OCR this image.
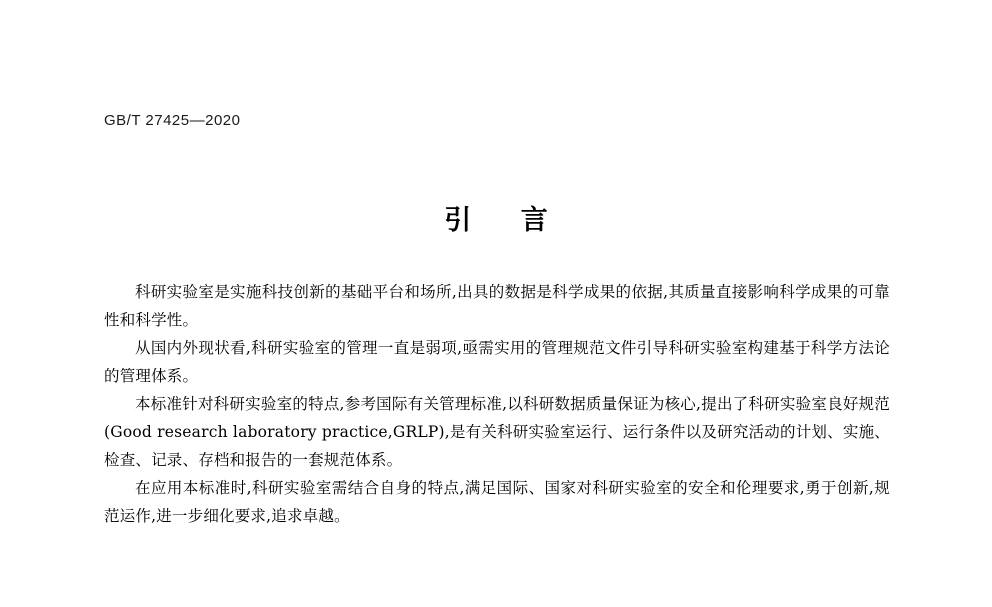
GB/T 27425—2020
引 言

科研实验室是实施科技创新的基础平台和场所,出具的数据是科学成果的依据,其质量直接影响科学成果的可靠性和科学性。

从国内外现状看,科研实验室的管理一直是弱项,亟需实用的管理规范文件引导科研实验室构建基于科学方法论的管理体系。

本标准针对科研实验室的特点,参考国际有关管理标准,以科研数据质量保证为核心,提出了科研实验室良好规范(Good research laboratory practice,GRLP),是有关科研实验室运行、运行条件以及研究活动的计划、实施、检查、记录、存档和报告的一套规范体系。

在应用本标准时,科研实验室需结合自身的特点,满足国际、国家对科研实验室的安全和伦理要求,勇于创新,规范运作,进一步细化要求,追求卓越。
